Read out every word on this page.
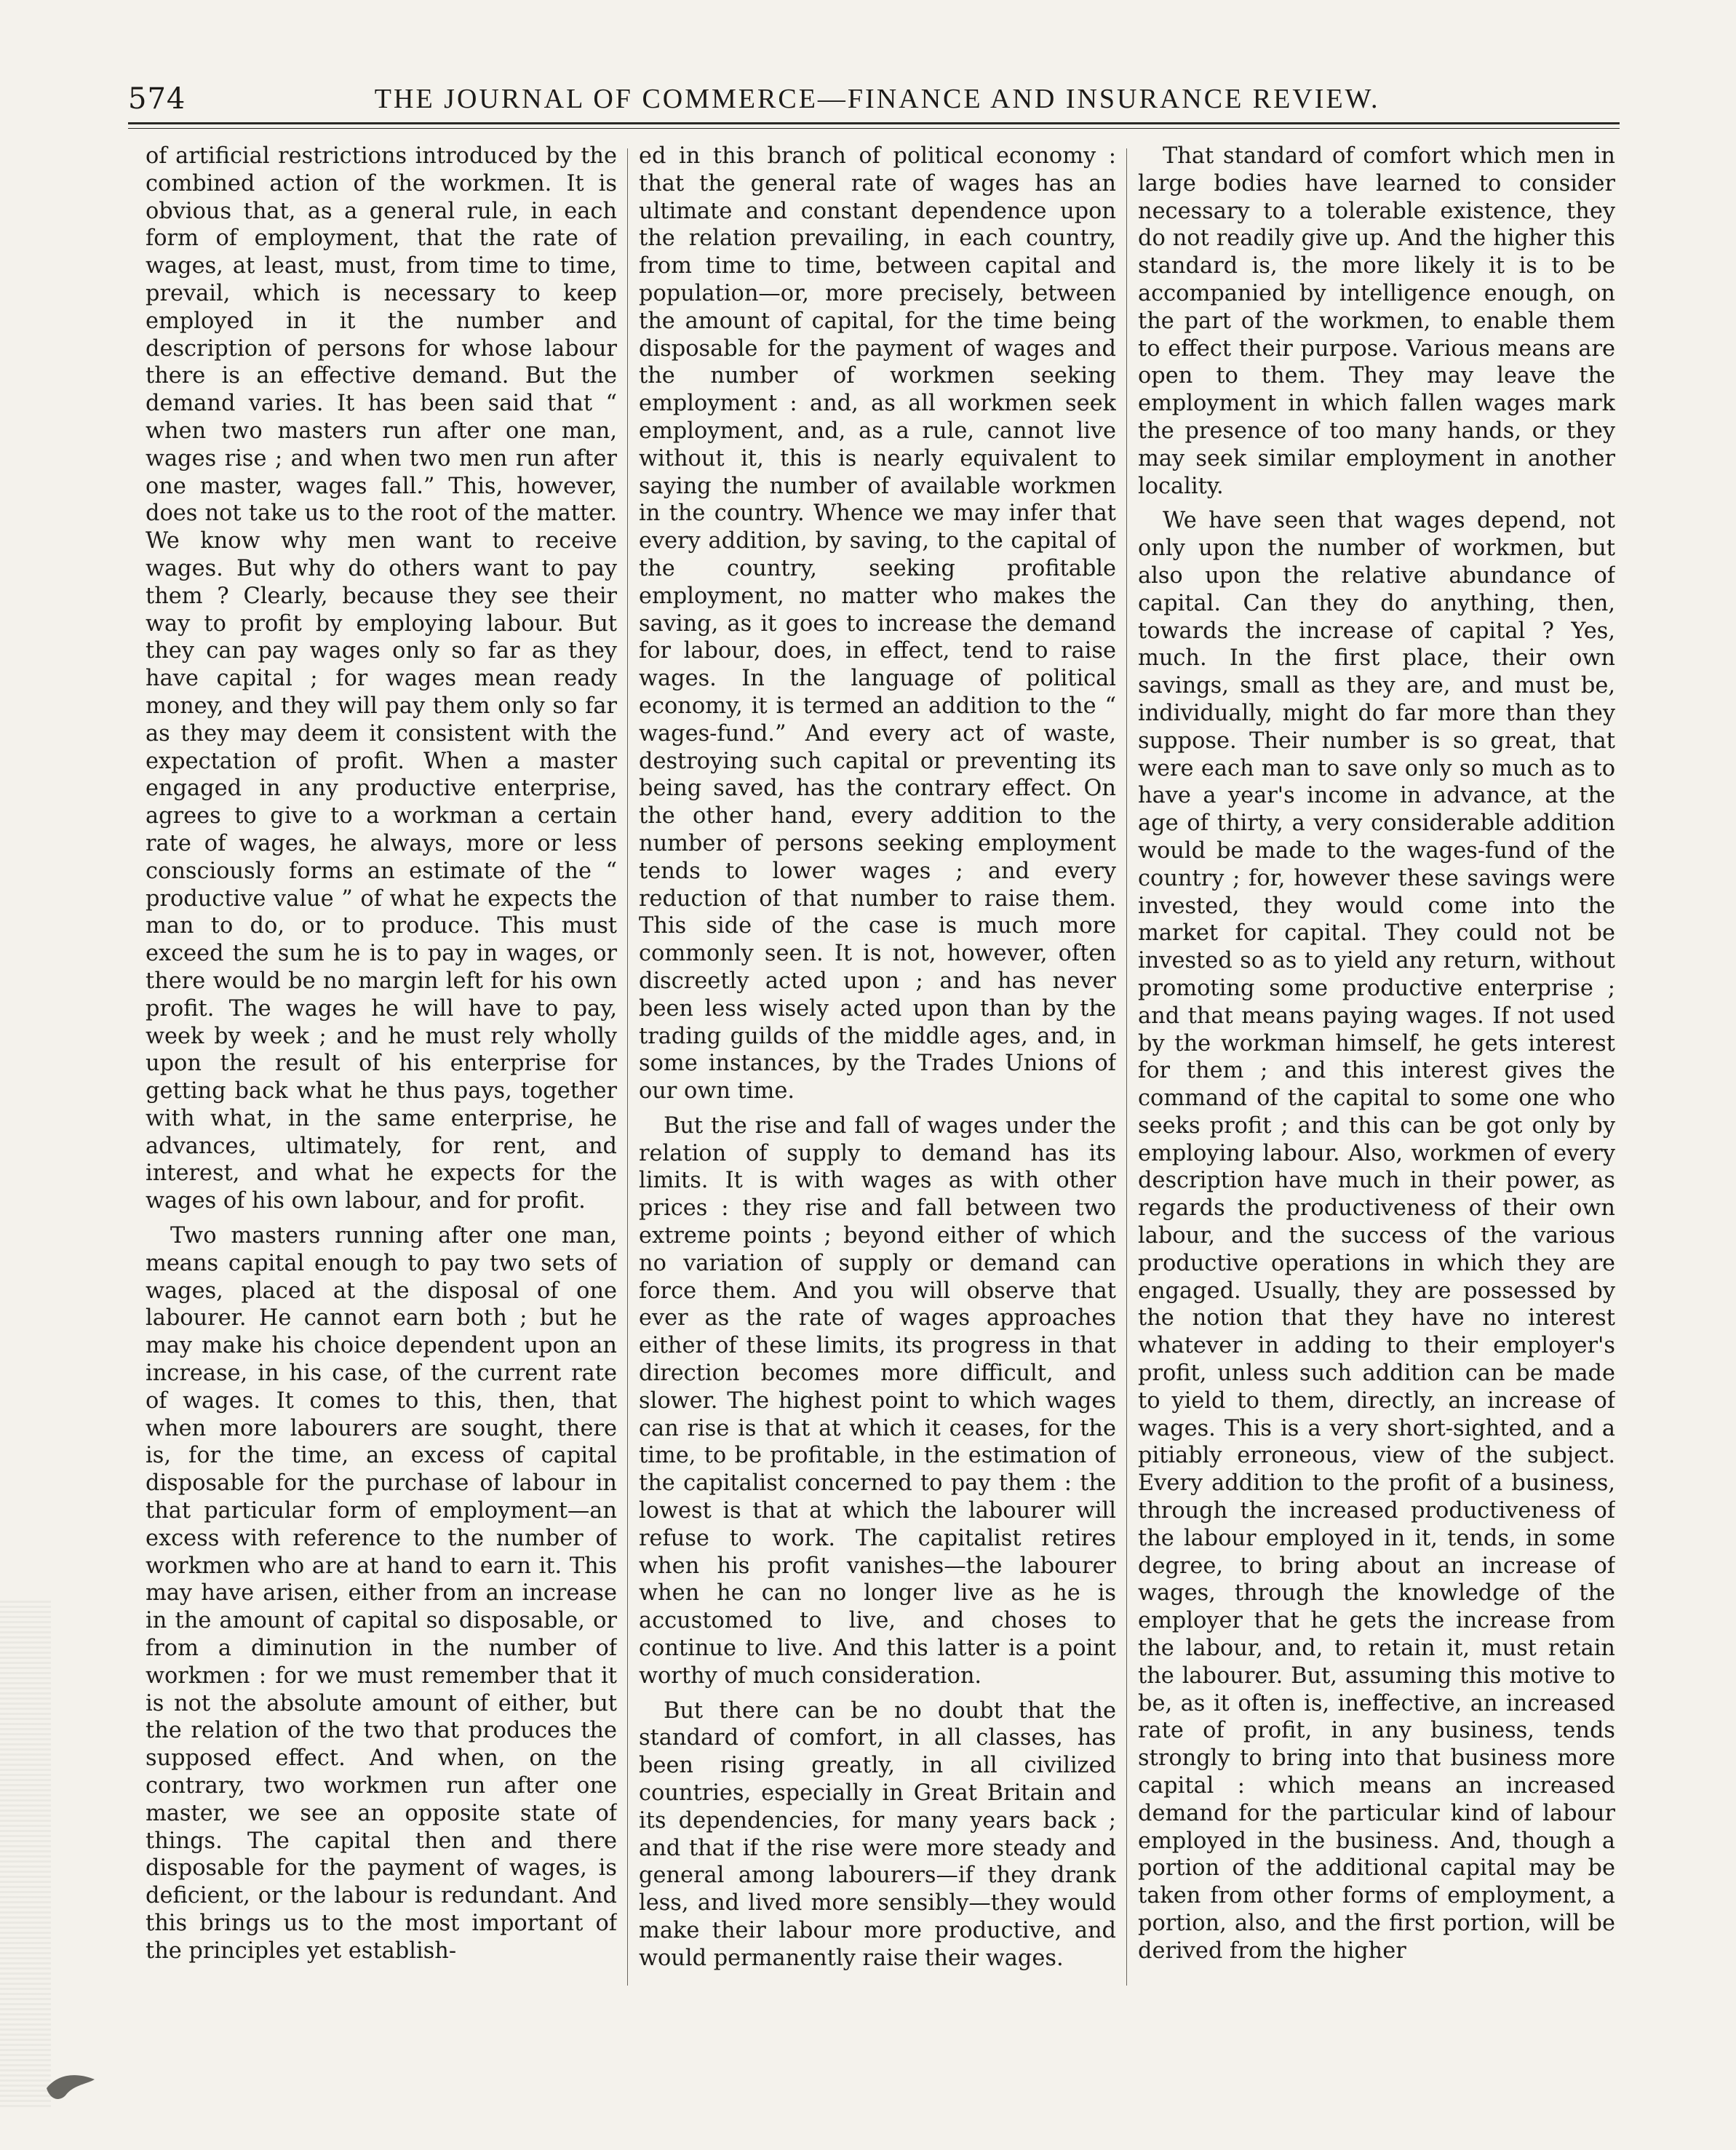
574	THE JOURNAL OF COMMERCE—FINANCE AND INSURANCE REVIEW.

of artificial restrictions introduced by the combined action of the workmen. It is obvious that, as a general rule, in each form of employment, that the rate of wages, at least, must, from time to time, prevail, which is necessary to keep employed in it the number and description of persons for whose labour there is an effective demand. But the demand varies. It has been said that “ when two masters run after one man, wages rise ; and when two men run after one master, wages fall.” This, however, does not take us to the root of the matter. We know why men want to receive wages. But why do others want to pay them ? Clearly, because they see their way to profit by employing labour. But they can pay wages only so far as they have capital ; for wages mean ready money, and they will pay them only so far as they may deem it consistent with the expectation of profit. When a master engaged in any productive enterprise, agrees to give to a workman a certain rate of wages, he always, more or less consciously forms an estimate of the “ productive value ” of what he expects the man to do, or to produce. This must exceed the sum he is to pay in wages, or there would be no margin left for his own profit. The wages he will have to pay, week by week ; and he must rely wholly upon the result of his enterprise for getting back what he thus pays, together with what, in the same enterprise, he advances, ultimately, for rent, and interest, and what he expects for the wages of his own labour, and for profit.

Two masters running after one man, means capital enough to pay two sets of wages, placed at the disposal of one labourer. He cannot earn both ; but he may make his choice dependent upon an increase, in his case, of the current rate of wages. It comes to this, then, that when more labourers are sought, there is, for the time, an excess of capital disposable for the purchase of labour in that particular form of employment—an excess with reference to the number of workmen who are at hand to earn it. This may have arisen, either from an increase in the amount of capital so disposable, or from a diminution in the number of workmen : for we must remember that it is not the absolute amount of either, but the relation of the two that produces the supposed effect. And when, on the contrary, two workmen run after one master, we see an opposite state of things. The capital then and there disposable for the payment of wages, is deficient, or the labour is redundant. And this brings us to the most important of the principles yet establish-

ed in this branch of political economy : that the general rate of wages has an ultimate and constant dependence upon the relation prevailing, in each country, from time to time, between capital and population—or, more precisely, between the amount of capital, for the time being disposable for the payment of wages and the number of workmen seeking employment : and, as all workmen seek employment, and, as a rule, cannot live without it, this is nearly equivalent to saying the number of available workmen in the country. Whence we may infer that every addition, by saving, to the capital of the country, seeking profitable employment, no matter who makes the saving, as it goes to increase the demand for labour, does, in effect, tend to raise wages. In the language of political economy, it is termed an addition to the “ wages-fund.” And every act of waste, destroying such capital or preventing its being saved, has the contrary effect. On the other hand, every addition to the number of persons seeking employment tends to lower wages ; and every reduction of that number to raise them. This side of the case is much more commonly seen. It is not, however, often discreetly acted upon ; and has never been less wisely acted upon than by the trading guilds of the middle ages, and, in some instances, by the Trades Unions of our own time.

But the rise and fall of wages under the relation of supply to demand has its limits. It is with wages as with other prices : they rise and fall between two extreme points ; beyond either of which no variation of supply or demand can force them. And you will observe that ever as the rate of wages approaches either of these limits, its progress in that direction becomes more difficult, and slower. The highest point to which wages can rise is that at which it ceases, for the time, to be profitable, in the estimation of the capitalist concerned to pay them : the lowest is that at which the labourer will refuse to work. The capitalist retires when his profit vanishes—the labourer when he can no longer live as he is accustomed to live, and choses to continue to live. And this latter is a point worthy of much consideration.

But there can be no doubt that the standard of comfort, in all classes, has been rising greatly, in all civilized countries, especially in Great Britain and its dependencies, for many years back ; and that if the rise were more steady and general among labourers—if they drank less, and lived more sensibly—they would make their labour more productive, and would permanently raise their wages.

That standard of comfort which men in large bodies have learned to consider necessary to a tolerable existence, they do not readily give up. And the higher this standard is, the more likely it is to be accompanied by intelligence enough, on the part of the workmen, to enable them to effect their purpose. Various means are open to them. They may leave the employment in which fallen wages mark the presence of too many hands, or they may seek similar employment in another locality.

We have seen that wages depend, not only upon the number of workmen, but also upon the relative abundance of capital. Can they do anything, then, towards the increase of capital ? Yes, much. In the first place, their own savings, small as they are, and must be, individually, might do far more than they suppose. Their number is so great, that were each man to save only so much as to have a year's income in advance, at the age of thirty, a very considerable addition would be made to the wages-fund of the country ; for, however these savings were invested, they would come into the market for capital. They could not be invested so as to yield any return, without promoting some productive enterprise ; and that means paying wages. If not used by the workman himself, he gets interest for them ; and this interest gives the command of the capital to some one who seeks profit ; and this can be got only by employing labour. Also, workmen of every description have much in their power, as regards the productiveness of their own labour, and the success of the various productive operations in which they are engaged. Usually, they are possessed by the notion that they have no interest whatever in adding to their employer's profit, unless such addition can be made to yield to them, directly, an increase of wages. This is a very short-sighted, and a pitiably erroneous, view of the subject. Every addition to the profit of a business, through the increased productiveness of the labour employed in it, tends, in some degree, to bring about an increase of wages, through the knowledge of the employer that he gets the increase from the labour, and, to retain it, must retain the labourer. But, assuming this motive to be, as it often is, ineffective, an increased rate of profit, in any business, tends strongly to bring into that business more capital : which means an increased demand for the particular kind of labour employed in the business. And, though a portion of the additional capital may be taken from other forms of employment, a portion, also, and the first portion, will be derived from the higher
